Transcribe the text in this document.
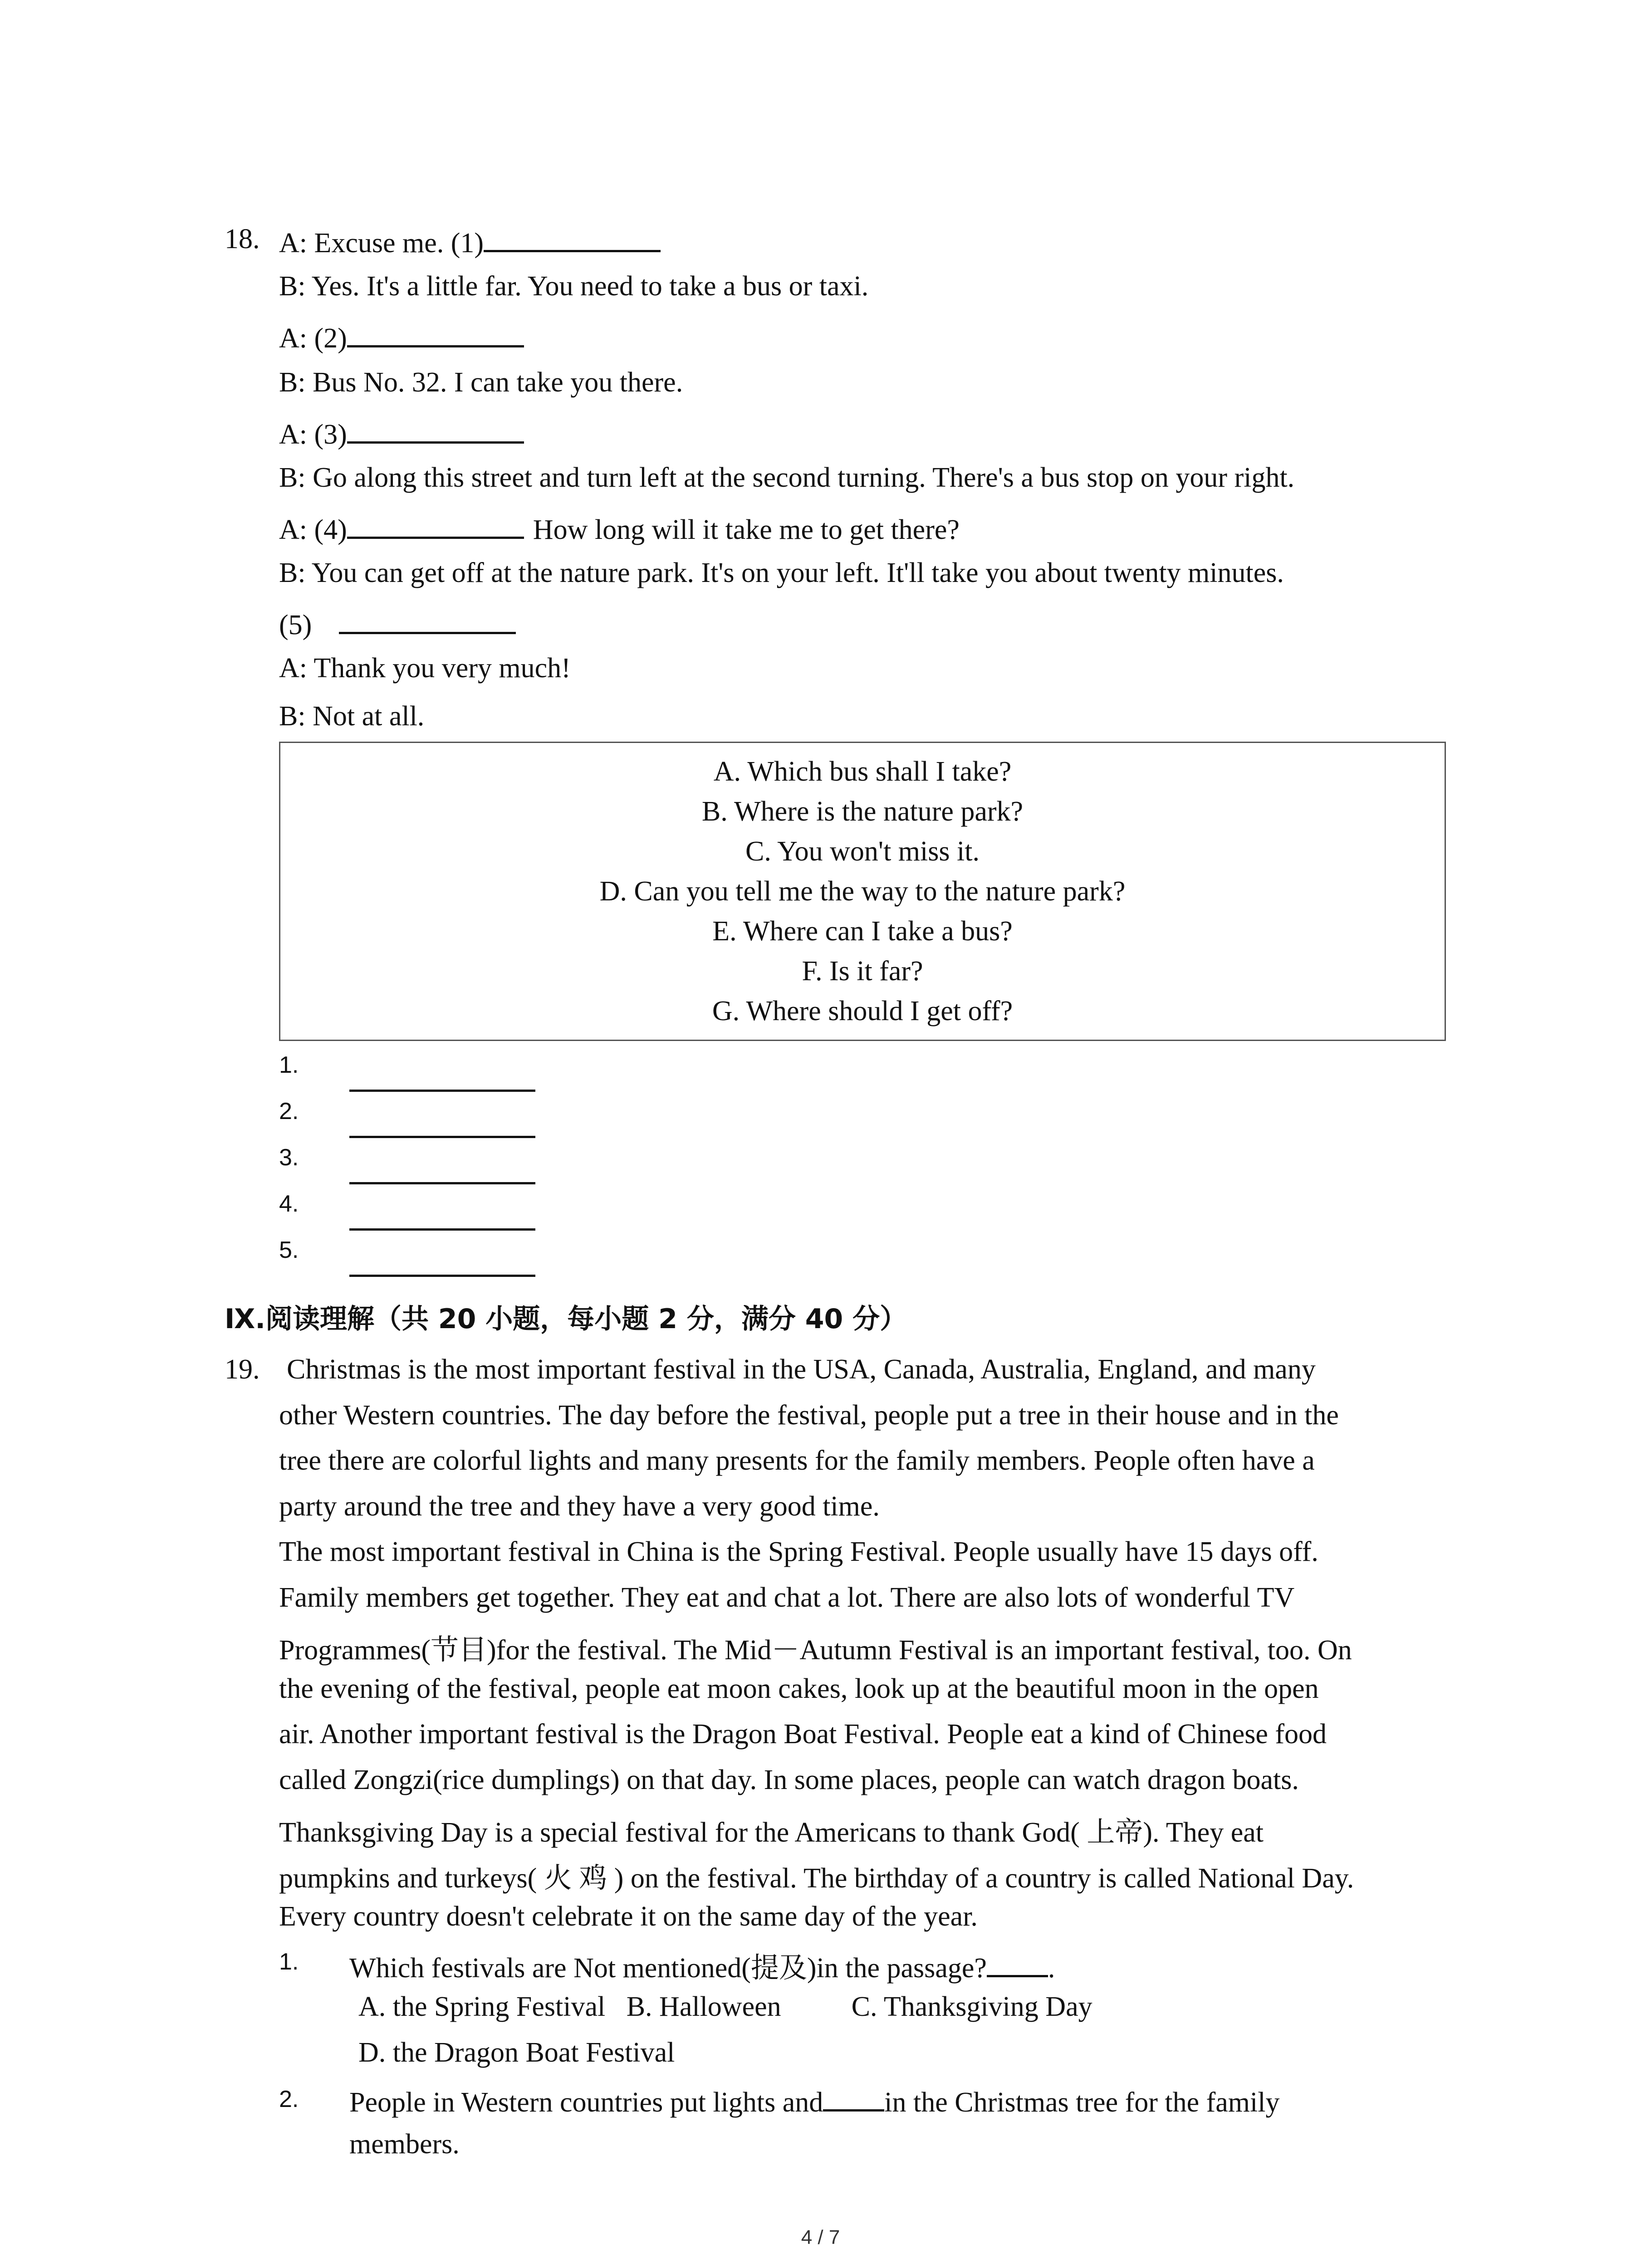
18. A: Excuse me. (1)
B: Yes. It's a little far. You need to take a bus or taxi.
A: (2)
B: Bus No. 32. I can take you there.
A: (3)
B: Go along this street and turn left at the second turning. There's a bus stop on your right.
A: (4)	How long will it take me to get there?
B: You can get off at the nature park. It's on your left. It'll take you about twenty minutes.
(5)
A: Thank you very much!
B: Not at all.
A. Which bus shall I take?
B. Where is the nature park?
C. You won't miss it.
D. Can you tell me the way to the nature park?
E. Where can I take a bus?
F. Is it far?
G. Where should I get off?
1.
2.
3.
4.
5.
Ⅸ.阅读理解（共 20 小题，每小题 2 分，满分 40 分）
19. Christmas is the most important festival in the USA, Canada, Australia, England, and many
other Western countries. The day before the festival, people put a tree in their house and in the
tree there are colorful lights and many presents for the family members. People often have a
party around the tree and they have a very good time.
The most important festival in China is the Spring Festival. People usually have 15 days off.
Family members get together. They eat and chat a lot. There are also lots of wonderful TV
Programmes(节目)for the festival. The Mid－Autumn Festival is an important festival, too. On
the evening of the festival, people eat moon cakes, look up at the beautiful moon in the open
air. Another important festival is the Dragon Boat Festival. People eat a kind of Chinese food
called Zongzi(rice dumplings) on that day. In some places, people can watch dragon boats.
Thanksgiving Day is a special festival for the Americans to thank God( 上帝). They eat
pumpkins and turkeys( 火 鸡 ) on the festival. The birthday of a country is called National Day.
Every country doesn't celebrate it on the same day of the year.
1. Which festivals are Not mentioned(提及)in the passage? .
A. the Spring Festival   B. Halloween          C. Thanksgiving Day
D. the Dragon Boat Festival
2. People in Western countries put lights and in the Christmas tree for the family
members.
4 / 7
